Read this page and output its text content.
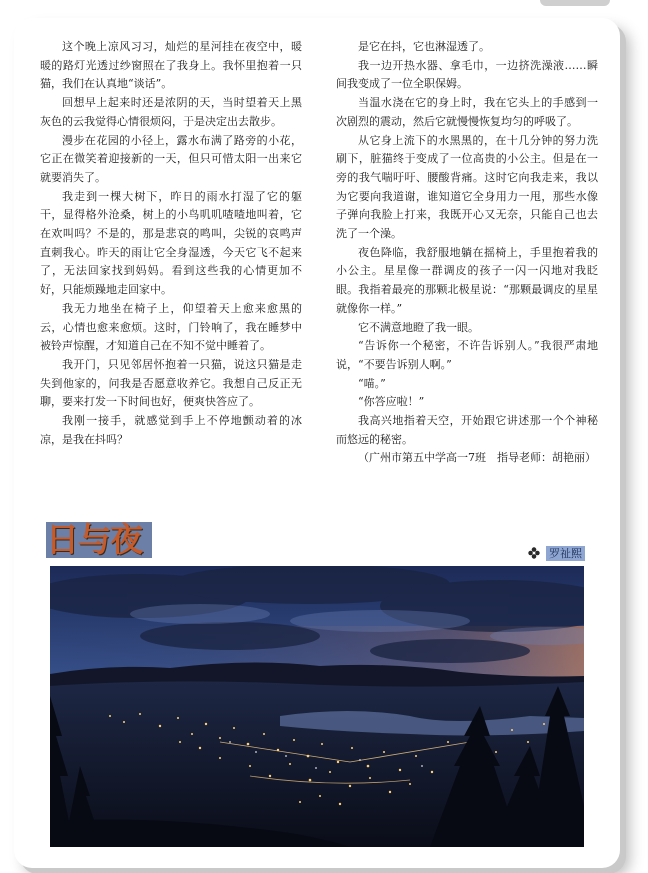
这个晚上凉风习习，灿烂的星河挂在夜空中，暖暖的路灯光透过纱窗照在了我身上。我怀里抱着一只猫，我们在认真地“谈话”。

回想早上起来时还是浓阴的天，当时望着天上黑灰色的云我觉得心情很烦闷，于是决定出去散步。

漫步在花园的小径上，露水布满了路旁的小花，它正在微笑着迎接新的一天，但只可惜太阳一出来它就要消失了。

我走到一棵大树下，昨日的雨水打湿了它的躯干，显得格外沧桑，树上的小鸟叽叽喳喳地叫着，它在欢叫吗？不是的，那是悲哀的鸣叫，尖锐的哀鸣声直刺我心。昨天的雨让它全身湿透，今天它飞不起来了，无法回家找到妈妈。看到这些我的心情更加不好，只能烦躁地走回家中。

我无力地坐在椅子上，仰望着天上愈来愈黑的云，心情也愈来愈烦。这时，门铃响了，我在睡梦中被铃声惊醒，才知道自己在不知不觉中睡着了。

我开门，只见邻居怀抱着一只猫，说这只猫是走失到他家的，问我是否愿意收养它。我想自己反正无聊，要来打发一下时间也好，便爽快答应了。

我刚一接手，就感觉到手上不停地颤动着的冰凉，是我在抖吗？

是它在抖，它也淋湿透了。

我一边开热水器、拿毛巾，一边挤洗澡液……瞬间我变成了一位全职保姆。

当温水浇在它的身上时，我在它头上的手感到一次剧烈的震动，然后它就慢慢恢复均匀的呼吸了。

从它身上流下的水黑黑的，在十几分钟的努力洗刷下，脏猫终于变成了一位高贵的小公主。但是在一旁的我气喘吁吁、腰酸背痛。这时它向我走来，我以为它要向我道谢，谁知道它全身用力一甩，那些水像子弹向我脸上打来，我既开心又无奈，只能自己也去洗了一个澡。

夜色降临，我舒服地躺在摇椅上，手里抱着我的小公主。星星像一群调皮的孩子一闪一闪地对我眨眼。我指着最亮的那颗北极星说：“那颗最调皮的星星就像你一样。”

它不满意地瞪了我一眼。

“告诉你一个秘密，不许告诉别人。”我很严肃地说，“不要告诉别人啊。”

“喵。”

“你答应啦！”

我高兴地指着天空，开始跟它讲述那一个个神秘而悠远的秘密。

（广州市第五中学高一7班　指导老师：胡艳丽）

日与夜	罗祉熙
